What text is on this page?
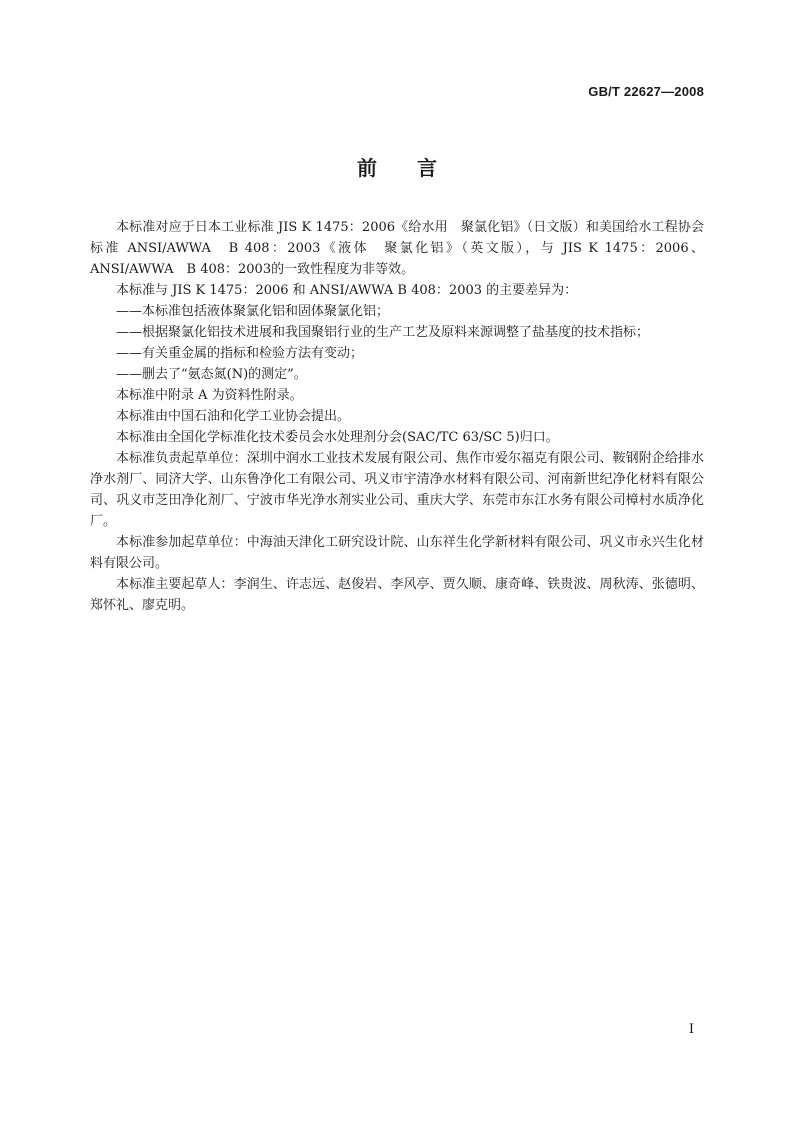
GB/T 22627—2008
前 言

本标准对应于日本工业标准 JIS K 1475：2006《给水用　聚氯化铝》（日文版）和美国给水工程协会标准 ANSI/AWWA　B 408：2003《液体　聚氯化铝》（英文版），与 JIS K 1475：2006、ANSI/AWWA　B 408：2003的一致性程度为非等效。

本标准与 JIS K 1475：2006 和 ANSI/AWWA B 408：2003 的主要差异为：

——本标准包括液体聚氯化铝和固体聚氯化铝；

——根据聚氯化铝技术进展和我国聚铝行业的生产工艺及原料来源调整了盐基度的技术指标；

——有关重金属的指标和检验方法有变动；

——删去了“氨态氮(N)的测定”。

本标准中附录 A 为资料性附录。

本标准由中国石油和化学工业协会提出。

本标准由全国化学标准化技术委员会水处理剂分会(SAC/TC 63/SC 5)归口。

本标准负责起草单位：深圳中润水工业技术发展有限公司、焦作市爱尔福克有限公司、鞍钢附企给排水净水剂厂、同济大学、山东鲁净化工有限公司、巩义市宇清净水材料有限公司、河南新世纪净化材料有限公司、巩义市芝田净化剂厂、宁波市华光净水剂实业公司、重庆大学、东莞市东江水务有限公司樟村水质净化厂。

本标准参加起草单位：中海油天津化工研究设计院、山东祥生化学新材料有限公司、巩义市永兴生化材料有限公司。

本标准主要起草人：李润生、许志远、赵俊岩、李风亭、贾久顺、康奇峰、铁贵波、周秋涛、张德明、郑怀礼、廖克明。

I
